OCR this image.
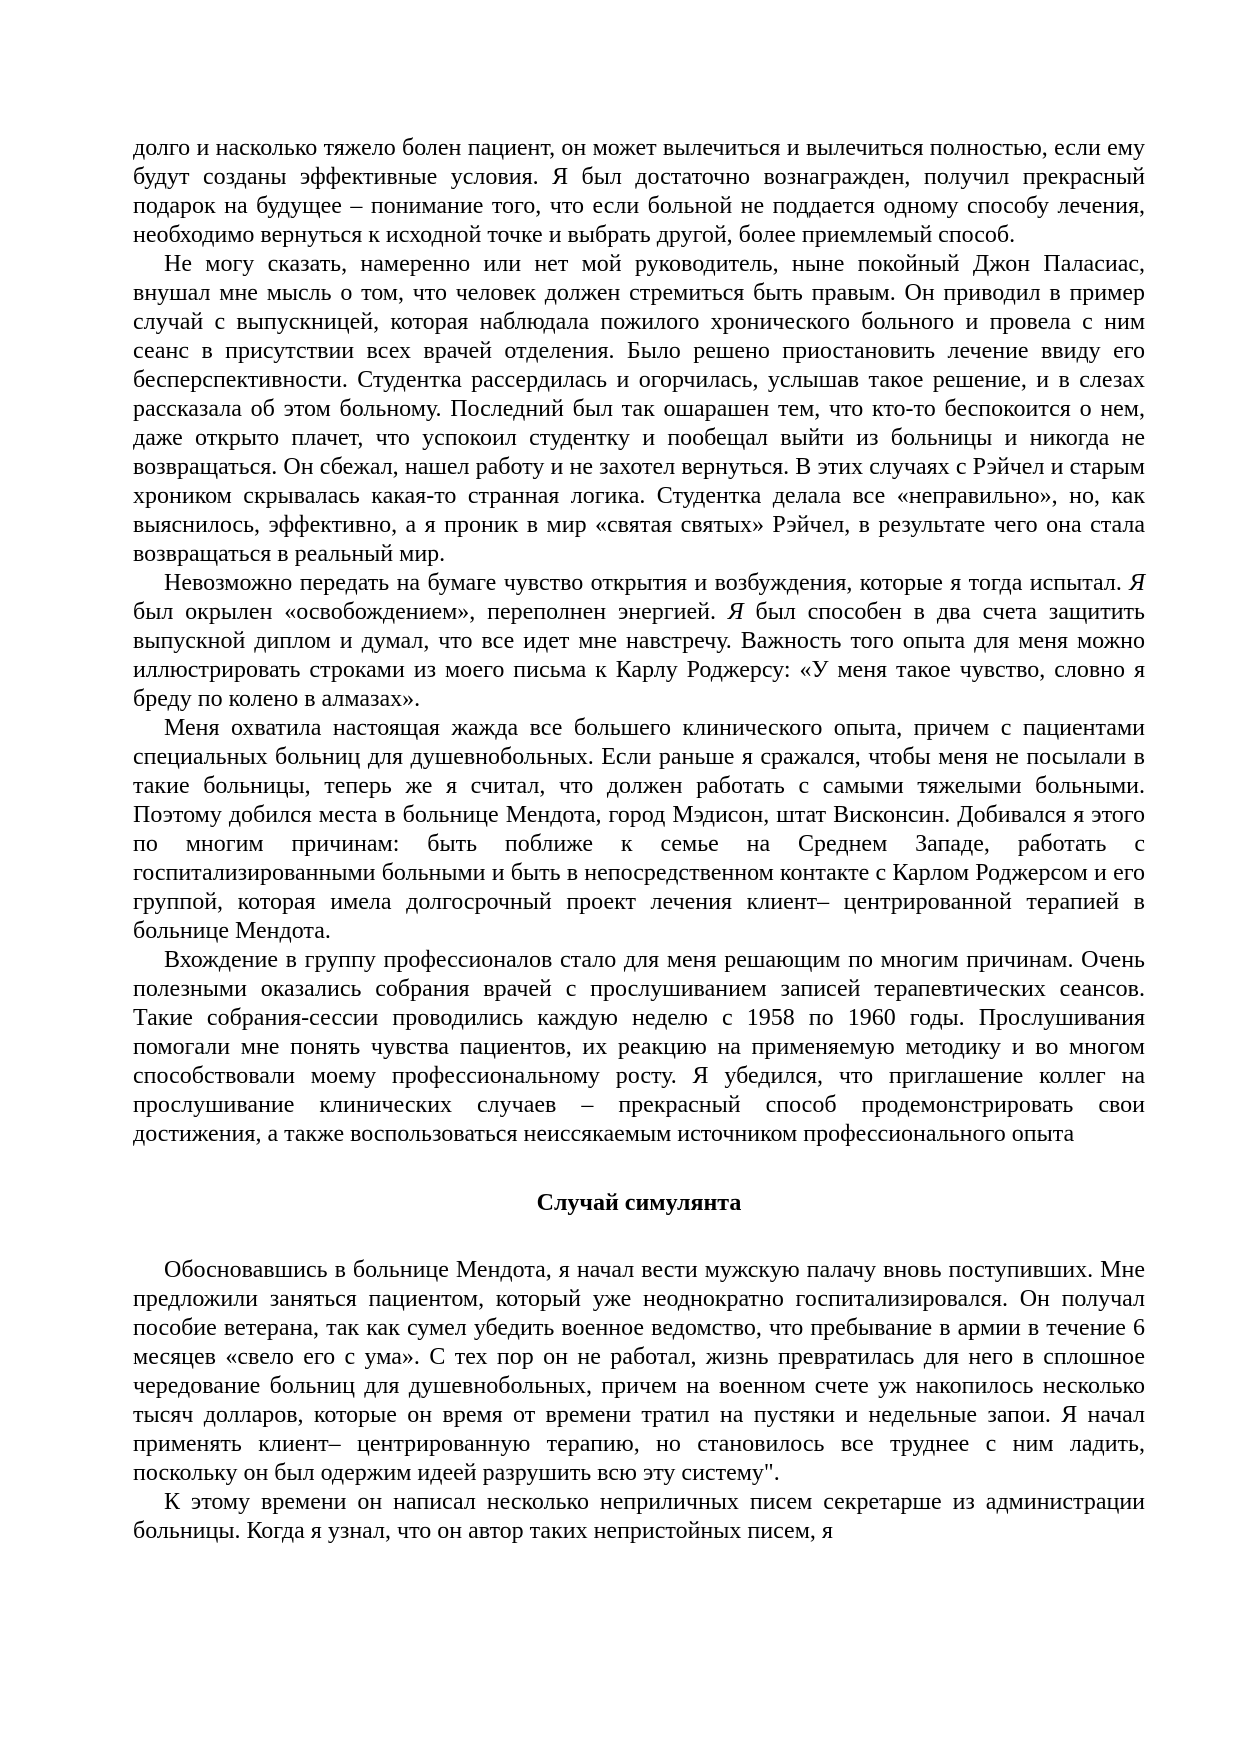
долго и насколько тяжело болен пациент, он может вылечиться и вылечиться полностью, если ему будут созданы эффективные условия. Я был достаточно вознагражден, получил прекрасный подарок на будущее – понимание того, что если больной не поддается одному способу лечения, необходимо вернуться к исходной точке и выбрать другой, более приемлемый способ.

Не могу сказать, намеренно или нет мой руководитель, ныне покойный Джон Паласиас, внушал мне мысль о том, что человек должен стремиться быть правым. Он приводил в пример случай с выпускницей, которая наблюдала пожилого хронического больного и провела с ним сеанс в присутствии всех врачей отделения. Было решено приостановить лечение ввиду его бесперспективности. Студентка рассердилась и огорчилась, услышав такое решение, и в слезах рассказала об этом больному. Последний был так ошарашен тем, что кто-то беспокоится о нем, даже открыто плачет, что успокоил студентку и пообещал выйти из больницы и никогда не возвращаться. Он сбежал, нашел работу и не захотел вернуться. В этих случаях с Рэйчел и старым хроником скрывалась какая-то странная логика. Студентка делала все «неправильно», но, как выяснилось, эффективно, а я проник в мир «святая святых» Рэйчел, в результате чего она стала возвращаться в реальный мир.

Невозможно передать на бумаге чувство открытия и возбуждения, которые я тогда испытал. Я был окрылен «освобождением», переполнен энергией. Я был способен в два счета защитить выпускной диплом и думал, что все идет мне навстречу. Важность того опыта для меня можно иллюстрировать строками из моего письма к Карлу Роджерсу: «У меня такое чувство, словно я бреду по колено в алмазах».

Меня охватила настоящая жажда все большего клинического опыта, причем с пациентами специальных больниц для душевнобольных. Если раньше я сражался, чтобы меня не посылали в такие больницы, теперь же я считал, что должен работать с самыми тяжелыми больными. Поэтому добился места в больнице Мендота, город Мэдисон, штат Висконсин. Добивался я этого по многим причинам: быть поближе к семье на Среднем Западе, работать с госпитализированными больными и быть в непосредственном контакте с Карлом Роджерсом и его группой, которая имела долгосрочный проект лечения клиент– центрированной терапией в больнице Мендота.

Вхождение в группу профессионалов стало для меня решающим по многим причинам. Очень полезными оказались собрания врачей с прослушиванием записей терапевтических сеансов. Такие собрания-сессии проводились каждую неделю с 1958 по 1960 годы. Прослушивания помогали мне понять чувства пациентов, их реакцию на применяемую методику и во многом способствовали моему профессиональному росту. Я убедился, что приглашение коллег на прослушивание клинических случаев – прекрасный способ продемонстрировать свои достижения, а также воспользоваться неиссякаемым источником профессионального опыта

Случай симулянта

Обосновавшись в больнице Мендота, я начал вести мужскую палачу вновь поступивших. Мне предложили заняться пациентом, который уже неоднократно госпитализировался. Он получал пособие ветерана, так как сумел убедить военное ведомство, что пребывание в армии в течение 6 месяцев «свело его с ума». С тех пор он не работал, жизнь превратилась для него в сплошное чередование больниц для душевнобольных, причем на военном счете уж накопилось несколько тысяч долларов, которые он время от времени тратил на пустяки и недельные запои. Я начал применять клиент– центрированную терапию, но становилось все труднее с ним ладить, поскольку он был одержим идеей разрушить всю эту систему".

К этому времени он написал несколько неприличных писем секретарше из администрации больницы. Когда я узнал, что он автор таких непристойных писем, я
